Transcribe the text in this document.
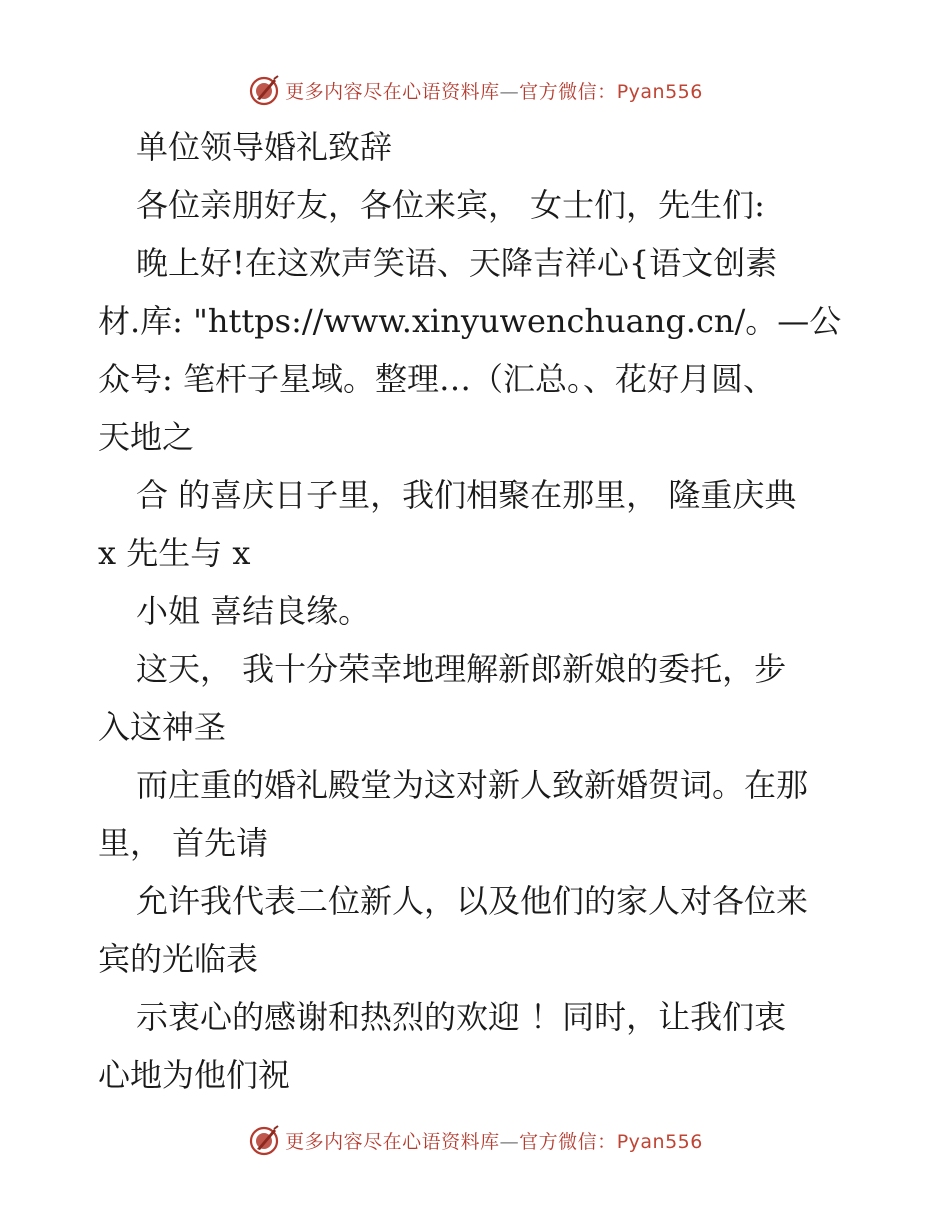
更多内容尽在心语资料库—官方微信：Pyan556
单位领导婚礼致辞
各位亲朋好友，各位来宾， 女士们，先生们:
晚上好!在这欢声笑语、天降吉祥心{语文创素
材.库: "https://www.xinyuwenchuang.cn/。—公
众号: 笔杆子星域。整理…（汇总。、花好月圆、
天地之
合 的喜庆日子里，我们相聚在那里， 隆重庆典
x 先生与 x
小姐 喜结良缘。
这天， 我十分荣幸地理解新郎新娘的委托，步
入这神圣
而庄重的婚礼殿堂为这对新人致新婚贺词。在那
里， 首先请
允许我代表二位新人，以及他们的家人对各位来
宾的光临表
示衷心的感谢和热烈的欢迎 ！同时，让我们衷
心地为他们祝
更多内容尽在心语资料库—官方微信：Pyan556
